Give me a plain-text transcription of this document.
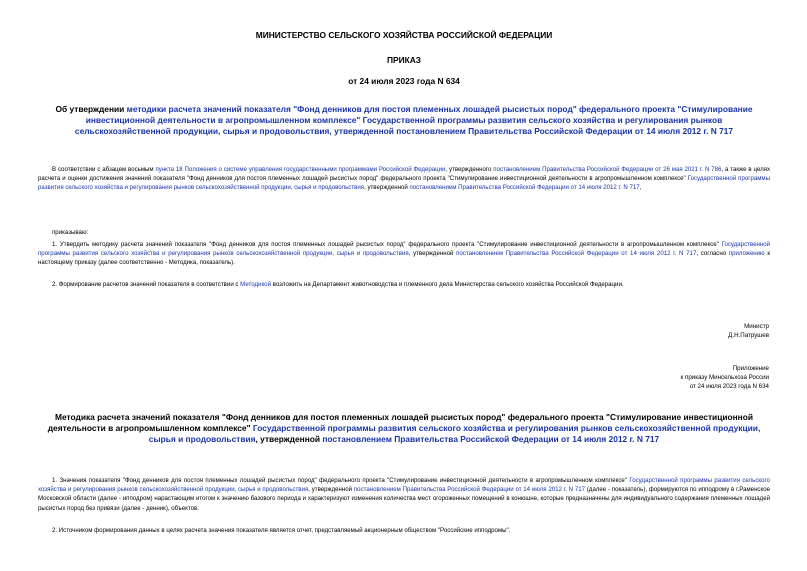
МИНИСТЕРСТВО СЕЛЬСКОГО ХОЗЯЙСТВА РОССИЙСКОЙ ФЕДЕРАЦИИ
ПРИКАЗ
от 24 июля 2023 года N 634
Об утверждении методики расчета значений показателя "Фонд денников для постоя племенных лошадей рысистых пород" федерального проекта "Стимулирование инвестиционной деятельности в агропромышленном комплексе" Государственной программы развития сельского хозяйства и регулирования рынков сельскохозяйственной продукции, сырья и продовольствия, утвержденной постановлением Правительства Российской Федерации от 14 июля 2012 г. N 717
В соответствии с абзацем восьмым пункта 18 Положения о системе управления государственными программами Российской Федерации, утвержденного постановлением Правительства Российской Федерации от 26 мая 2021 г. N 786, а также в целях расчета и оценки достижения значений показателя "Фонд денников для постоя племенных лошадей рысистых пород" федерального проекта "Стимулирование инвестиционной деятельности в агропромышленном комплексе" Государственной программы развития сельского хозяйства и регулирования рынков сельскохозяйственной продукции, сырья и продовольствия, утвержденной постановлением Правительства Российской Федерации от 14 июля 2012 г. N 717,
приказываю:
1. Утвердить методику расчета значений показателя "Фонд денников для постоя племенных лошадей рысистых пород" федерального проекта "Стимулирование инвестиционной деятельности в агропромышленном комплексе" Государственной программы развития сельского хозяйства и регулирования рынков сельскохозяйственной продукции, сырья и продовольствия, утвержденной постановлением Правительства Российской Федерации от 14 июля 2012 г. N 717, согласно приложению к настоящему приказу (далее соответственно - Методика, показатель).
2. Формирование расчетов значений показателя в соответствии с Методикой возложить на Департамент животноводства и племенного дела Министерства сельского хозяйства Российской Федерации.
Министр
Д.Н.Патрушев
Приложение
к приказу Минсельхоза России
от 24 июля 2023 года N 634
Методика расчета значений показателя "Фонд денников для постоя племенных лошадей рысистых пород" федерального проекта "Стимулирование инвестиционной деятельности в агропромышленном комплексе" Государственной программы развития сельского хозяйства и регулирования рынков сельскохозяйственной продукции, сырья и продовольствия, утвержденной постановлением Правительства Российской Федерации от 14 июля 2012 г. N 717
1. Значения показателя "Фонд денников для постоя племенных лошадей рысистых пород" федерального проекта "Стимулирование инвестиционной деятельности в агропромышленном комплексе" Государственной программы развития сельского хозяйства и регулирования рынков сельскохозяйственной продукции, сырья и продовольствия, утвержденной постановлением Правительства Российской Федерации от 14 июля 2012 г. N 717 (далее - показатель), формируются по ипподрому в г.Раменское Московской области (далее - ипподром) нарастающим итогом к значению базового периода и характеризуют изменения количества мест огороженных помещений в конюшне, которые предназначены для индивидуального содержания племенных лошадей рысистых пород без привязи (далее - денник), объектов.
2. Источником формирования данных в целях расчета значения показателя является отчет, представляемый акционерным обществом "Российские ипподромы".
